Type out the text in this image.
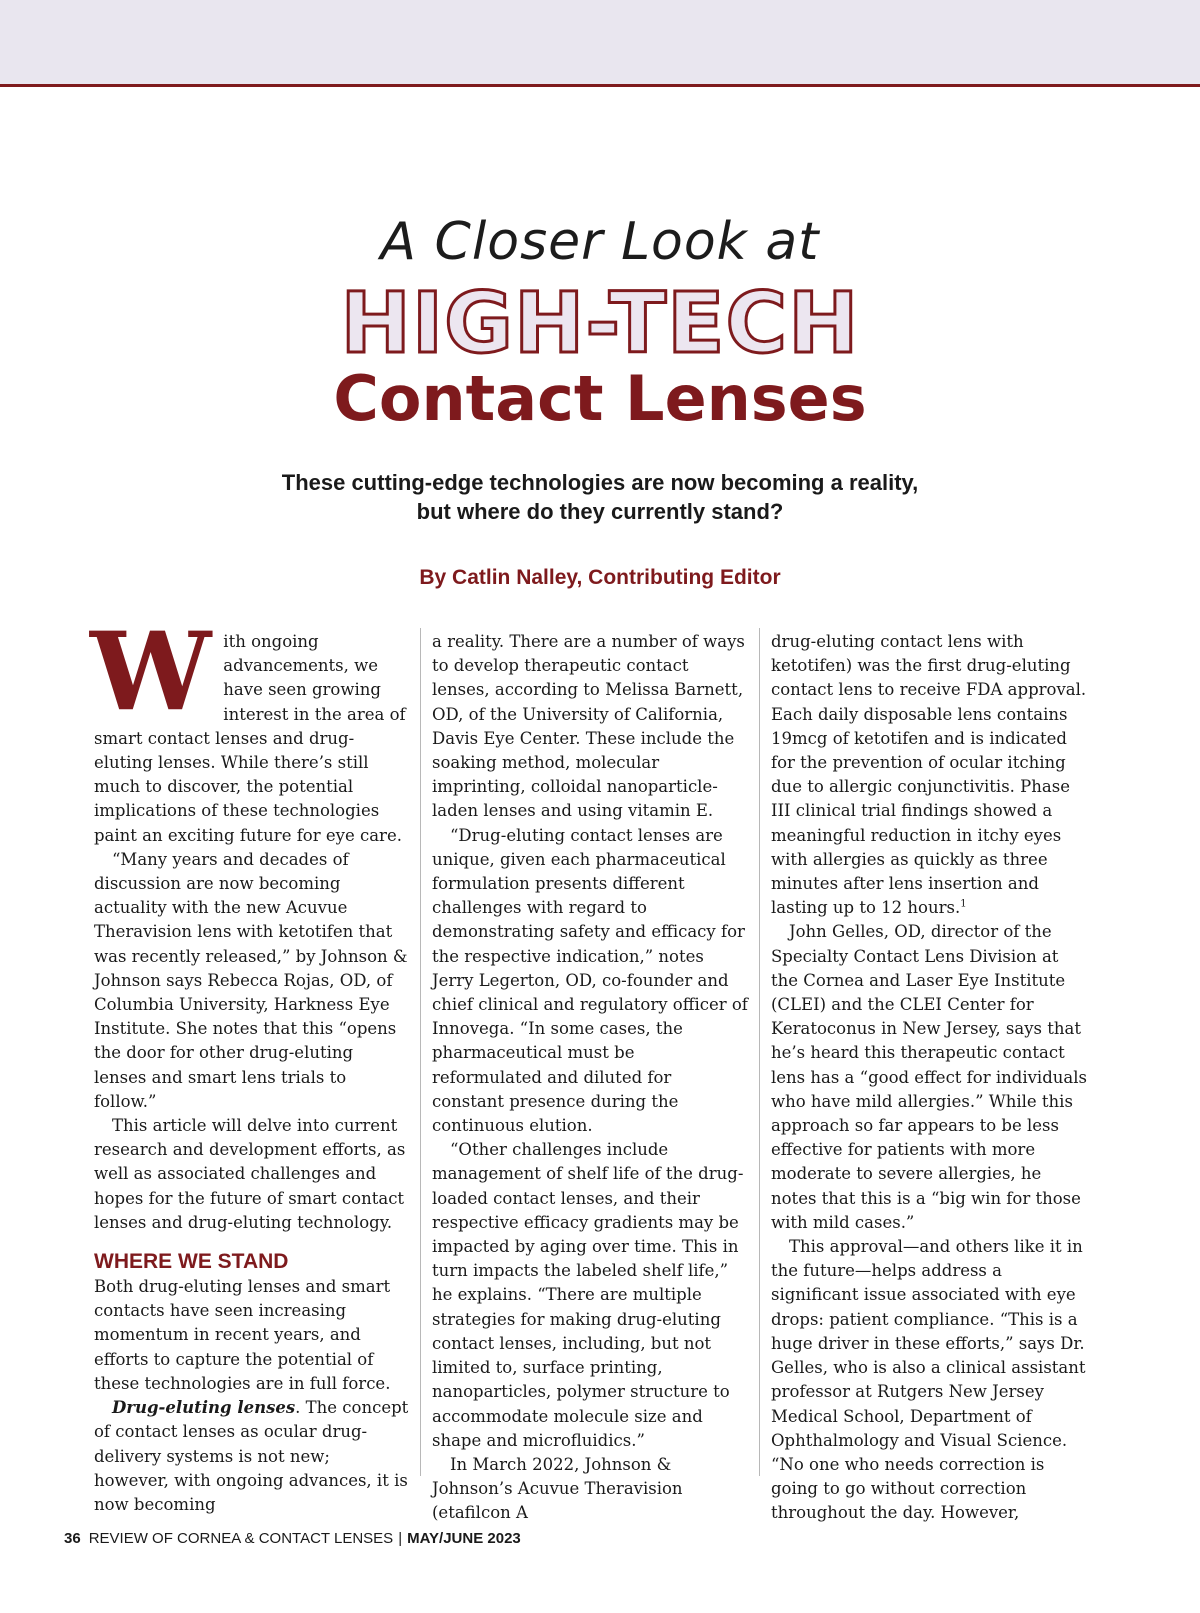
A Closer Look at
HIGH-TECH
Contact Lenses
These cutting-edge technologies are now becoming a reality,
but where do they currently stand?
By Catlin Nalley, Contributing Editor

With ongoing advancements, we have seen growing interest in the area of smart contact lenses and drug-eluting lenses. While there’s still much to discover, the potential implications of these technologies paint an exciting future for eye care.

“Many years and decades of discussion are now becoming actuality with the new Acuvue Theravision lens with ketotifen that was recently released,” by Johnson & Johnson says Rebecca Rojas, OD, of Columbia University, Harkness Eye Institute. She notes that this “opens the door for other drug-eluting lenses and smart lens trials to follow.”

This article will delve into current research and development efforts, as well as associated challenges and hopes for the future of smart contact lenses and drug-eluting technology.

WHERE WE STAND

Both drug-eluting lenses and smart contacts have seen increasing momentum in recent years, and efforts to capture the potential of these technologies are in full force.

Drug-eluting lenses. The concept of contact lenses as ocular drug-delivery systems is not new; however, with ongoing advances, it is now becoming

a reality. There are a number of ways to develop therapeutic contact lenses, according to Melissa Barnett, OD, of the University of California, Davis Eye Center. These include the soaking method, molecular imprinting, colloidal nanoparticle-laden lenses and using vitamin E.

“Drug-eluting contact lenses are unique, given each pharmaceutical formulation presents different challenges with regard to demonstrating safety and efficacy for the respective indication,” notes Jerry Legerton, OD, co-founder and chief clinical and regulatory officer of Innovega. “In some cases, the pharmaceutical must be reformulated and diluted for constant presence during the continuous elution.

“Other challenges include management of shelf life of the drug-loaded contact lenses, and their respective efficacy gradients may be impacted by aging over time. This in turn impacts the labeled shelf life,” he explains. “There are multiple strategies for making drug-eluting contact lenses, including, but not limited to, surface printing, nanoparticles, polymer structure to accommodate molecule size and shape and microfluidics.”

In March 2022, Johnson & Johnson’s Acuvue Theravision (etafilcon A

drug-eluting contact lens with ketotifen) was the first drug-eluting contact lens to receive FDA approval. Each daily disposable lens contains 19mcg of ketotifen and is indicated for the prevention of ocular itching due to allergic conjunctivitis. Phase III clinical trial findings showed a meaningful reduction in itchy eyes with allergies as quickly as three minutes after lens insertion and lasting up to 12 hours.$^1$

John Gelles, OD, director of the Specialty Contact Lens Division at the Cornea and Laser Eye Institute (CLEI) and the CLEI Center for Keratoconus in New Jersey, says that he’s heard this therapeutic contact lens has a “good effect for individuals who have mild allergies.” While this approach so far appears to be less effective for patients with more moderate to severe allergies, he notes that this is a “big win for those with mild cases.”

This approval—and others like it in the future—helps address a significant issue associated with eye drops: patient compliance. “This is a huge driver in these efforts,” says Dr. Gelles, who is also a clinical assistant professor at Rutgers New Jersey Medical School, Department of Ophthalmology and Visual Science. “No one who needs correction is going to go without correction throughout the day. However,

36 REVIEW OF CORNEA & CONTACT LENSES | MAY/JUNE 2023
